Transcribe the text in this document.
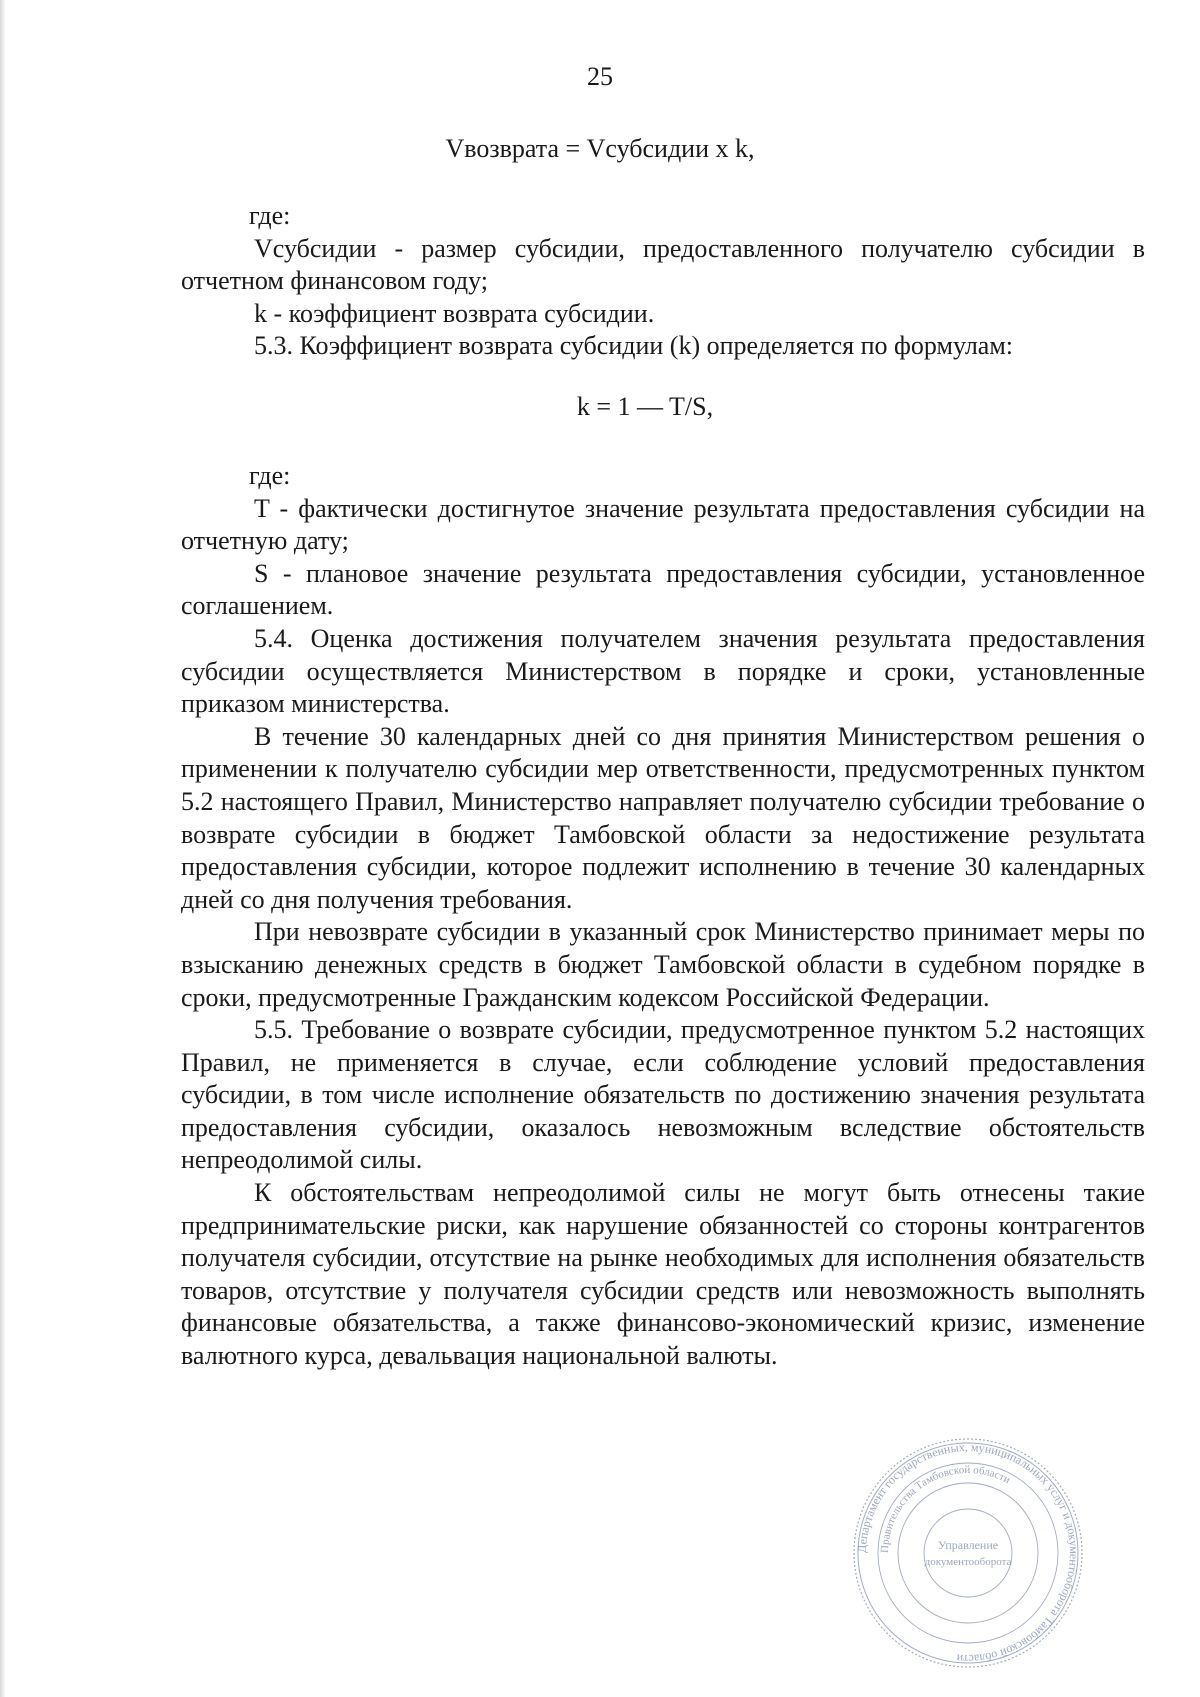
25
Vвозврата = Vсубсидии x k,

где:

Vсубсидии - размер субсидии, предоставленного получателю субсидии в отчетном финансовом году;

k - коэффициент возврата субсидии.

5.3. Коэффициент возврата субсидии (k) определяется по формулам:

k = 1 — T/S,

где:

T - фактически достигнутое значение результата предоставления субсидии на отчетную дату;

S - плановое значение результата предоставления субсидии, установленное соглашением.

5.4. Оценка достижения получателем значения результата предоставления субсидии осуществляется Министерством в порядке и сроки, установленные приказом министерства.

В течение 30 календарных дней со дня принятия Министерством решения о применении к получателю субсидии мер ответственности, предусмотренных пунктом 5.2 настоящего Правил, Министерство направляет получателю субсидии требование о возврате субсидии в бюджет Тамбовской области за недостижение результата предоставления субсидии, которое подлежит исполнению в течение 30 календарных дней со дня получения требования.

При невозврате субсидии в указанный срок Министерство принимает меры по взысканию денежных средств в бюджет Тамбовской области в судебном порядке в сроки, предусмотренные Гражданским кодексом Российской Федерации.

5.5. Требование о возврате субсидии, предусмотренное пунктом 5.2 настоящих Правил, не применяется в случае, если соблюдение условий предоставления субсидии, в том числе исполнение обязательств по достижению значения результата предоставления субсидии, оказалось невозможным вследствие обстоятельств непреодолимой силы.

К обстоятельствам непреодолимой силы не могут быть отнесены такие предпринимательские риски, как нарушение обязанностей со стороны контрагентов получателя субсидии, отсутствие на рынке необходимых для исполнения обязательств товаров, отсутствие у получателя субсидии средств или невозможность выполнять финансовые обязательства, а также финансово-экономический кризис, изменение валютного курса, девальвация национальной валюты.

Департамент государственных, муниципальных услуг и документооборота Тамбовской области
Правительства Тамбовской области
Управление
документооборота
